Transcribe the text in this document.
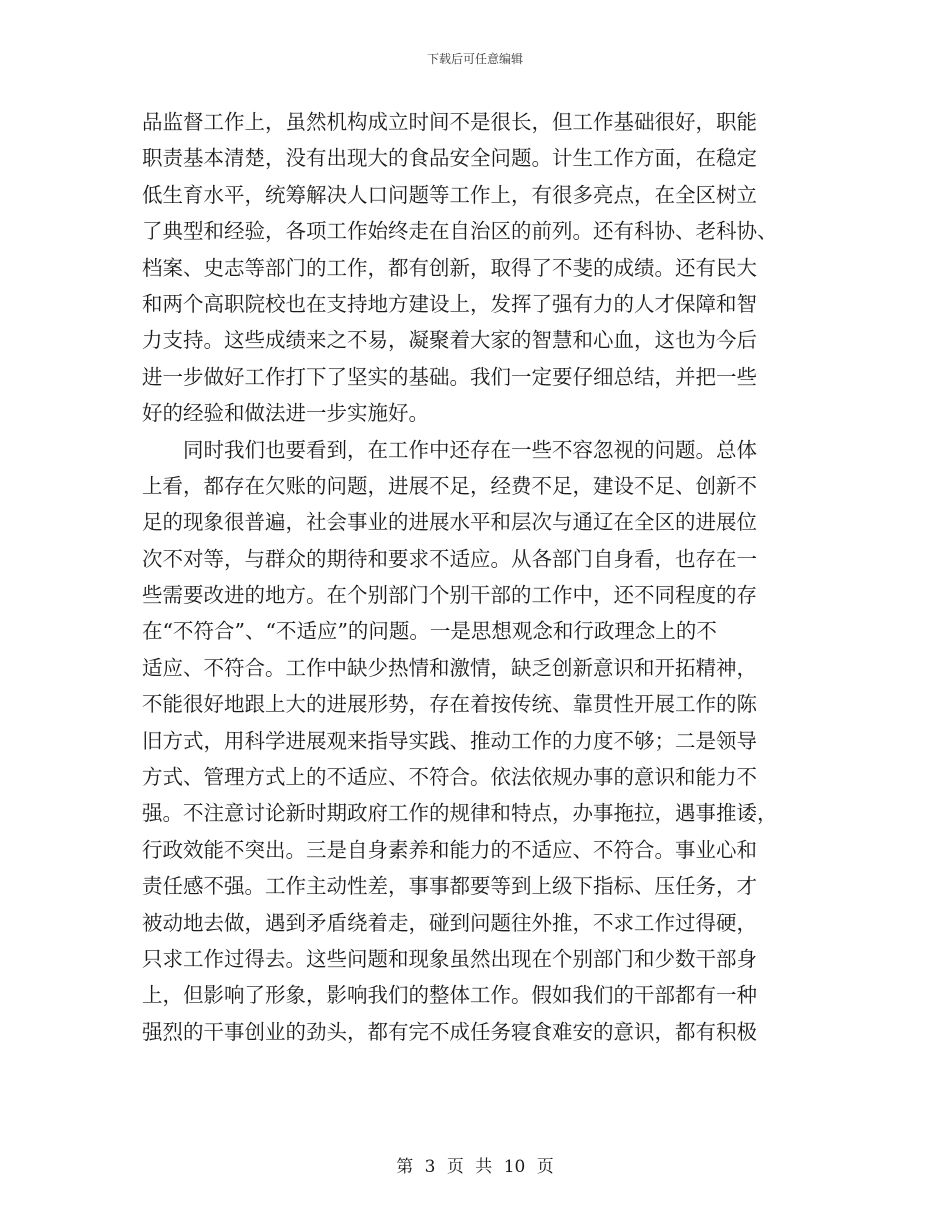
下载后可任意编辑
品监督工作上，虽然机构成立时间不是很长，但工作基础很好，职能
职责基本清楚，没有出现大的食品安全问题。计生工作方面，在稳定
低生育水平，统筹解决人口问题等工作上，有很多亮点，在全区树立
了典型和经验，各项工作始终走在自治区的前列。还有科协、老科协、
档案、史志等部门的工作，都有创新，取得了不斐的成绩。还有民大
和两个高职院校也在支持地方建设上，发挥了强有力的人才保障和智
力支持。这些成绩来之不易，凝聚着大家的智慧和心血，这也为今后
进一步做好工作打下了坚实的基础。我们一定要仔细总结，并把一些
好的经验和做法进一步实施好。
同时我们也要看到，在工作中还存在一些不容忽视的问题。总体
上看，都存在欠账的问题，进展不足，经费不足，建设不足、创新不
足的现象很普遍，社会事业的进展水平和层次与通辽在全区的进展位
次不对等，与群众的期待和要求不适应。从各部门自身看，也存在一
些需要改进的地方。在个别部门个别干部的工作中，还不同程度的存
在“不符合”、“不适应”的问题。一是思想观念和行政理念上的不
适应、不符合。工作中缺少热情和激情，缺乏创新意识和开拓精神，
不能很好地跟上大的进展形势，存在着按传统、靠贯性开展工作的陈
旧方式，用科学进展观来指导实践、推动工作的力度不够；二是领导
方式、管理方式上的不适应、不符合。依法依规办事的意识和能力不
强。不注意讨论新时期政府工作的规律和特点，办事拖拉，遇事推诿，
行政效能不突出。三是自身素养和能力的不适应、不符合。事业心和
责任感不强。工作主动性差，事事都要等到上级下指标、压任务，才
被动地去做，遇到矛盾绕着走，碰到问题往外推，不求工作过得硬，
只求工作过得去。这些问题和现象虽然出现在个别部门和少数干部身
上，但影响了形象，影响我们的整体工作。假如我们的干部都有一种
强烈的干事创业的劲头，都有完不成任务寝食难安的意识，都有积极
第 3 页 共 10 页
